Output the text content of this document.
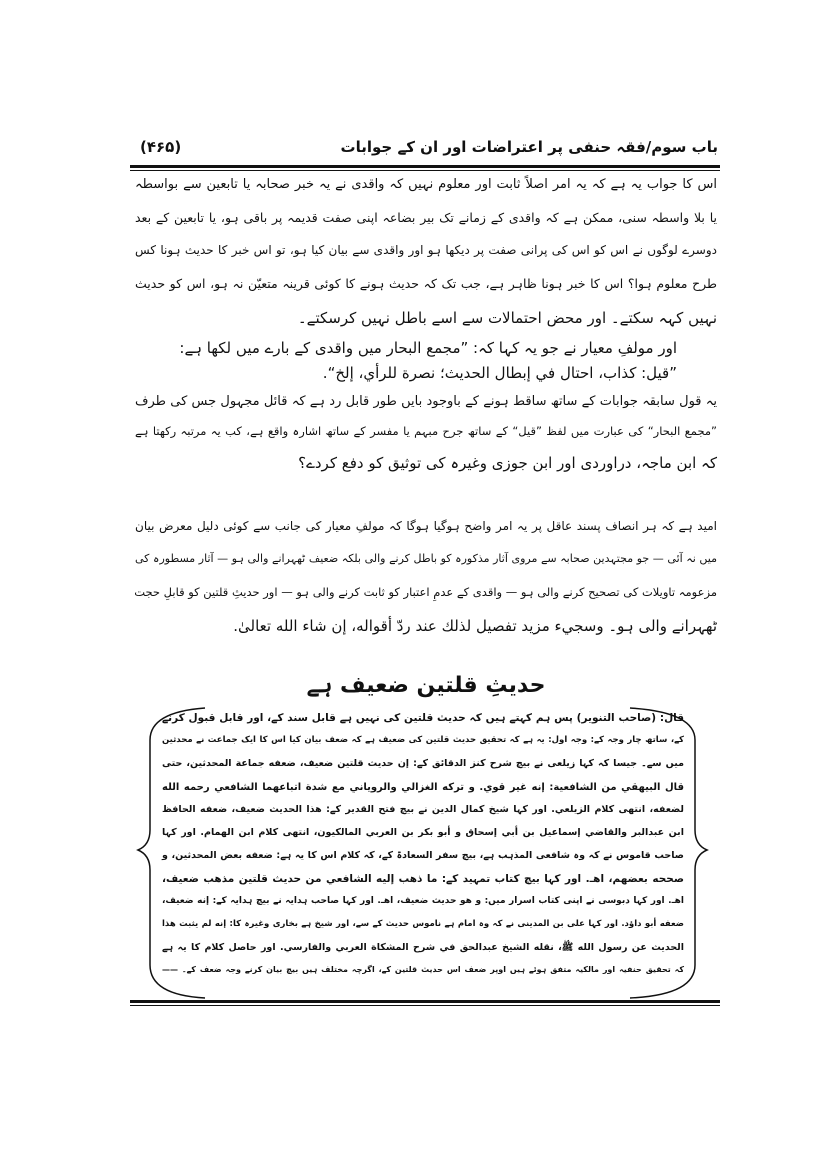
(۴۶۵)	باب سوم/فقہ حنفی پر اعتراضات اور ان کے جوابات
اس کا جواب یہ ہے کہ یہ امر اصلاً ثابت اور معلوم نہیں کہ واقدی نے یہ خبر صحابہ یا تابعین سے بواسطہ
یا بلا واسطہ سنی، ممکن ہے کہ واقدی کے زمانے تک بیر بضاعہ اپنی صفت قدیمہ پر باقی ہو، یا تابعین کے بعد
دوسرے لوگوں نے اس کو اس کی پرانی صفت پر دیکھا ہو اور واقدی سے بیان کیا ہو، تو اس خبر کا حدیث ہونا کس
طرح معلوم ہوا؟ اس کا خبر ہونا ظاہر ہے، جب تک کہ حدیث ہونے کا کوئی قرینہ متعیّن نہ ہو، اس کو حدیث
نہیں کہہ سکتے۔ اور محض احتمالات سے اسے باطل نہیں کرسکتے۔
اور مولفِ معیار نے جو یہ کہا کہ: ”مجمع البحار میں واقدی کے بارے میں لکھا ہے:
”قیل: کذاب، احتال في إبطال الحدیث؛ نصرة للرأي، إلخ“.
یہ قول سابقہ جوابات کے ساتھ ساقط ہونے کے باوجود بایں طور قابل رد ہے کہ قائل مجہول جس کی طرف
”مجمع البحار“ کی عبارت میں لفظ ”قیل“ کے ساتھ جرح مبہم یا مفسر کے ساتھ اشارہ واقع ہے، کب یہ مرتبہ رکھتا ہے
کہ ابن ماجہ، دراوردی اور ابن جوزی وغیرہ کی توثیق کو دفع کردے؟
امید ہے کہ ہر انصاف پسند عاقل پر یہ امر واضح ہوگیا ہوگا کہ مولفِ معیار کی جانب سے کوئی دلیل معرض بیان
میں نہ آئی — جو مجتہدین صحابہ سے مروی آثار مذکورہ کو باطل کرنے والی بلکہ ضعیف ٹھہرانے والی ہو — آثار مسطورہ کی
مزعومہ تاویلات کی تصحیح کرنے والی ہو — واقدی کے عدمِ اعتبار کو ثابت کرنے والی ہو — اور حدیثِ قلتین کو قابلِ حجت
ٹھہرانے والی ہو۔ وسجيء مزید تفصیل لذلك عند ردّ أقواله، إن شاء الله تعالیٰ.
حدیثِ قلتین ضعیف ہے
قال: (صاحب التنویر) پس ہم کہتے ہیں کہ حدیث قلتین کی نہیں ہے قابل سند کے، اور قابل قبول کرنے
کے، ساتھ چار وجہ کے: وجہ اول: یہ ہے کہ تحقیق حدیث قلتین کی ضعیف ہے کہ ضعف بیان کیا اس کا ایک جماعت نے محدثین
میں سے۔ جیسا کہ کہا زیلعی نے بیچ شرح کنز الدقائق کے: إن حدیث قلتین ضعیف، ضعفه جماعة المحدثین، حتی
قال البیهقي من الشافعیة: إنه غیر قوي. و ترکه الغزالي والرویاني مع شدة اتباعهما الشافعي رحمه الله
لضعفه، انتهی کلام الزیلعي. اور کہا شیخ کمال الدین نے بیچ فتح القدیر کے: هذا الحدیث ضعیف، ضعفه الحافظ
ابن عبدالبر والقاضي إسماعیل بن أبي إسحاق و أبو بکر بن العربي المالکیون، انتهی کلام ابن الهمام. اور کہا
صاحب قاموس نے کہ وہ شافعی المذہب ہے، بیچ سفر السعادۃ کے، کہ کلام اس کا یہ ہے: ضعفه بعض المحدثین، و
صححه بعضهم، اهـ. اور کہا بیچ کتاب تمہید کے: ما ذهب إلیه الشافعي من حدیث قلتین مذهب ضعیف،
اهـ. اور کہا دبوسی نے اپنی کتاب اسرار میں: و هو حدیث ضعیف، اهـ. اور کہا صاحب ہدایہ نے بیچ ہدایہ کے: إنه ضعیف،
ضعفه أبو داؤد. اور کہا علی بن المدینی نے کہ وہ امام ہے ناموس حدیث کے سے، اور شیخ ہے بخاری وغیرہ کا: إنه لم یثبت هذا
الحدیث عن رسول الله ﷺ، نقله الشیخ عبدالحق في شرح المشکاة العربي والفارسي. اور حاصل کلام کا یہ ہے
کہ تحقیق حنفیہ اور مالکیہ متفق ہوئے ہیں اوپر ضعف اس حدیث قلتین کے، اگرچہ مختلف ہیں بیچ بیان کرنے وجہ ضعف کے۔ ——
